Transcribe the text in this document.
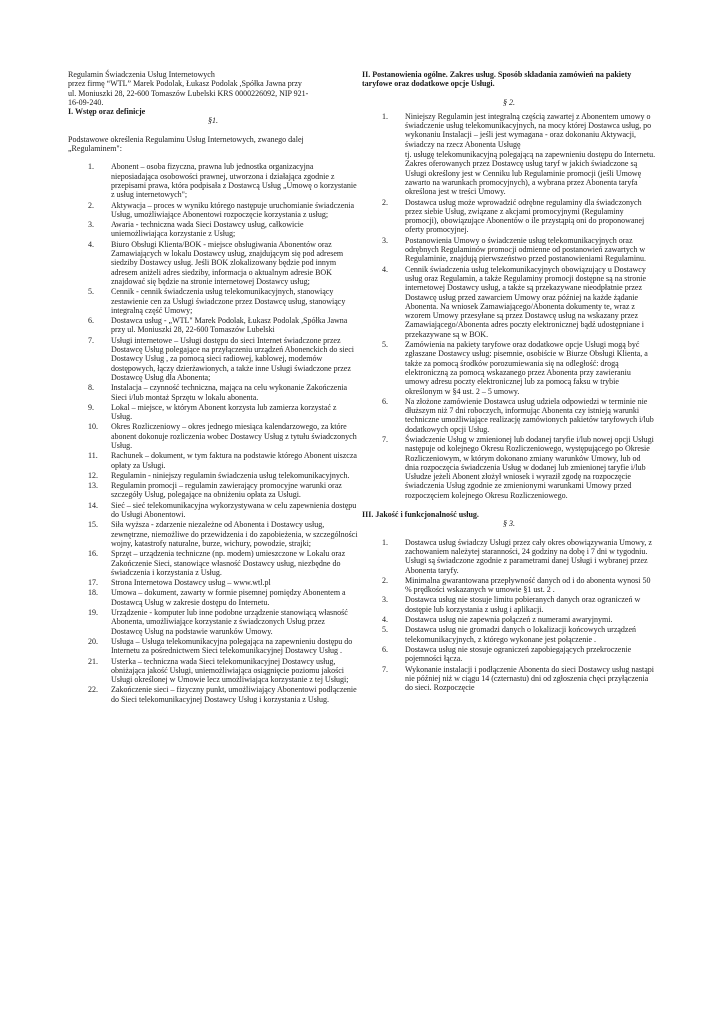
Regulamin Świadczenia Usług Internetowych

przez firmę “WTL” Marek Podolak, Łukasz Podolak ,Spółka Jawna przy

ul. Moniuszki 28, 22-600 Tomaszów Lubelski KRS 0000226092, NIP 921-

16-09-240.

I. Wstęp oraz definicje

§1.

Podstawowe określenia Regulaminu Usług Internetowych, zwanego dalej „Regulaminem":

1. Abonent – osoba fizyczna, prawna lub jednostka organizacyjna nieposiadająca osobowości prawnej, utworzona i działająca zgodnie z przepisami prawa, która podpisała z Dostawcą Usług „Umowę o korzystanie z usług internetowych";
2. Aktywacja – proces w wyniku którego następuje uruchomianie świadczenia Usług, umożliwiające Abonentowi rozpoczęcie korzystania z usług;
3. Awaria - techniczna wada Sieci Dostawcy usług, całkowicie uniemożliwiająca korzystanie z Usług;
4. Biuro Obsługi Klienta/BOK - miejsce obsługiwania Abonentów oraz Zamawiających w lokalu Dostawcy usług, znajdującym się pod adresem siedziby Dostawcy usług. Jeśli BOK zlokalizowany będzie pod innym adresem aniżeli adres siedziby, informacja o aktualnym adresie BOK znajdować się będzie na stronie internetowej Dostawcy usług;
5. Cennik - cennik świadczenia usług telekomunikacyjnych, stanowiący zestawienie cen za Usługi świadczone przez Dostawcę usług, stanowiący integralną część Umowy;
6. Dostawca usług - „WTL" Marek Podolak, Łukasz Podolak ,Spółka Jawna przy ul. Moniuszki 28, 22-600 Tomaszów Lubelski
7. Usługi internetowe – Usługi dostępu do sieci Internet świadczone przez Dostawcę Usług polegające na przyłączeniu urządzeń Abonenckich do sieci Dostawcy Usług , za pomocą sieci radiowej, kablowej, modemów dostępowych, łączy dzierżawionych, a także inne Usługi świadczone przez Dostawcę Usług dla Abonenta;
8. Instalacja – czynność techniczna, mająca na celu wykonanie Zakończenia Sieci i/lub montaż Sprzętu w lokalu abonenta.
9. Lokal – miejsce, w którym Abonent korzysta lub zamierza korzystać z Usług.
10. Okres Rozliczeniowy – okres jednego miesiąca kalendarzowego, za które abonent dokonuje rozliczenia wobec Dostawcy Usług z tytułu świadczonych Usług.
11. Rachunek – dokument, w tym faktura na podstawie którego Abonent uiszcza opłaty za Usługi.
12. Regulamin - niniejszy regulamin świadczenia usług telekomunikacyjnych.
13. Regulamin promocji – regulamin zawierający promocyjne warunki oraz szczegóły Usług, polegające na obniżeniu opłata za Usługi.
14. Sieć – sieć telekomunikacyjna wykorzystywana w celu zapewnienia dostępu do Usługi Abonentowi.
15. Siła wyższa - zdarzenie niezależne od Abonenta i Dostawcy usług, zewnętrzne, niemożliwe do przewidzenia i do zapobieżenia, w szczególności wojny, katastrofy naturalne, burze, wichury, powodzie, strajki;
16. Sprzęt – urządzenia techniczne (np. modem) umieszczone w Lokalu oraz Zakończenie Sieci, stanowiące własność Dostawcy usług, niezbędne do świadczenia i korzystania z Usług.
17. Strona Internetowa Dostawcy usług – www.wtl.pl
18. Umowa – dokument, zawarty w formie pisemnej pomiędzy Abonentem a Dostawcą Usług w zakresie dostępu do Internetu.
19. Urządzenie - komputer lub inne podobne urządzenie stanowiącą własność Abonenta, umożliwiające korzystanie z świadczonych Usług przez Dostawcę Usług na podstawie warunków Umowy.
20. Usługa – Usługa telekomunikacyjna polegająca na zapewnieniu dostępu do Internetu za pośrednictwem Sieci telekomunikacyjnej Dostawcy Usług .
21. Usterka – techniczna wada Sieci telekomunikacyjnej Dostawcy usług, obniżająca jakość Usługi, uniemożliwiająca osiągnięcie poziomu jakości Usługi określonej w Umowie lecz umożliwiająca korzystanie z tej Usługi;
22. Zakończenie sieci – fizyczny punkt, umożliwiający Abonentowi podłączenie do Sieci telekomunikacyjnej Dostawcy Usług i korzystania z Usług.

II. Postanowienia ogólne. Zakres usług. Sposób składania zamówień na pakiety taryfowe oraz dodatkowe opcje Usługi.

§ 2.

1. Niniejszy Regulamin jest integralną częścią zawartej z Abonentem umowy o świadczenie usług telekomunikacyjnych, na mocy której Dostawca usług, po wykonaniu Instalacji – jeśli jest wymagana - oraz dokonaniu Aktywacji, świadczy na rzecz Abonenta Usługę
tj. usługę telekomunikacyjną polegającą na zapewnieniu dostępu do Internetu. Zakres oferowanych przez Dostawcę usług taryf w jakich świadczone są Usługi określony jest w Cenniku lub Regulaminie promocji (jeśli Umowę zawarto na warunkach promocyjnych), a wybrana przez Abonenta taryfa określona jest w treści Umowy.
2. Dostawca usług może wprowadzić odrębne regulaminy dla świadczonych przez siebie Usług, związane z akcjami promocyjnymi (Regulaminy promocji), obowiązujące Abonentów o ile przystąpią oni do proponowanej oferty promocyjnej.
3. Postanowienia Umowy o świadczenie usług telekomunikacyjnych oraz odrębnych Regulaminów promocji odmienne od postanowień zawartych w Regulaminie, znajdują pierwszeństwo przed postanowieniami Regulaminu.
4. Cennik świadczenia usług telekomunikacyjnych obowiązujący u Dostawcy usług oraz Regulamin, a także Regulaminy promocji dostępne są na stronie internetowej Dostawcy usług, a także są przekazywane nieodpłatnie przez Dostawcę usług przed zawarciem Umowy oraz później na każde żądanie Abonenta. Na wniosek Zamawiającego/Abonenta dokumenty te, wraz z wzorem Umowy przesyłane są przez Dostawcę usług na wskazany przez Zamawiającego/Abonenta adres poczty elektronicznej bądź udostępniane i przekazywane są w BOK.
5. Zamówienia na pakiety taryfowe oraz dodatkowe opcje Usługi mogą być zgłaszane Dostawcy usług: pisemnie, osobiście w Biurze Obsługi Klienta, a także za pomocą środków porozumiewania się na odległość: drogą elektroniczną za pomocą wskazanego przez Abonenta przy zawieraniu umowy adresu poczty elektronicznej lub za pomocą faksu w trybie określonym w §4 ust. 2 – 5 umowy.
6. Na złożone zamówienie Dostawca usług udziela odpowiedzi w terminie nie dłuższym niż 7 dni roboczych, informując Abonenta czy istnieją warunki techniczne umożliwiające realizację zamówionych pakietów taryfowych i/lub dodatkowych opcji Usług.
7. Świadczenie Usług w zmienionej lub dodanej taryfie i/lub nowej opcji Usługi następuje od kolejnego Okresu Rozliczeniowego, występującego po Okresie Rozliczeniowym, w którym dokonano zmiany warunków Umowy, lub od dnia rozpoczęcia świadczenia Usług w dodanej lub zmienionej taryfie i/lub Usłudze jeżeli Abonent złożył wniosek i wyraził zgodę na rozpoczęcie świadczenia Usług zgodnie ze zmienionymi warunkami Umowy przed rozpoczęciem kolejnego Okresu Rozliczeniowego.

III. Jakość i funkcjonalność usług.

§ 3.

1. Dostawca usług świadczy Usługi przez cały okres obowiązywania Umowy, z zachowaniem należytej staranności, 24 godziny na dobę i 7 dni w tygodniu. Usługi są świadczone zgodnie z parametrami danej Usługi i wybranej przez Abonenta taryfy.
2. Minimalna gwarantowana przepływność danych od i do abonenta wynosi 50 % prędkości wskazanych w umowie §1 ust. 2 .
3. Dostawca usług nie stosuje limitu pobieranych danych oraz ograniczeń w dostępie lub korzystania z usług i aplikacji.
4. Dostawca usług nie zapewnia połączeń z numerami awaryjnymi.
5. Dostawca usług nie gromadzi danych o lokalizacji końcowych urządzeń telekomunikacyjnych, z którego wykonane jest połączenie .
6. Dostawca usług nie stosuje ograniczeń zapobiegających przekroczenie pojemności łącza.
7. Wykonanie instalacji i podłączenie Abonenta do sieci Dostawcy usług nastąpi nie później niż w ciągu 14 (czternastu) dni od zgłoszenia chęci przyłączenia do sieci. Rozpoczęcie
